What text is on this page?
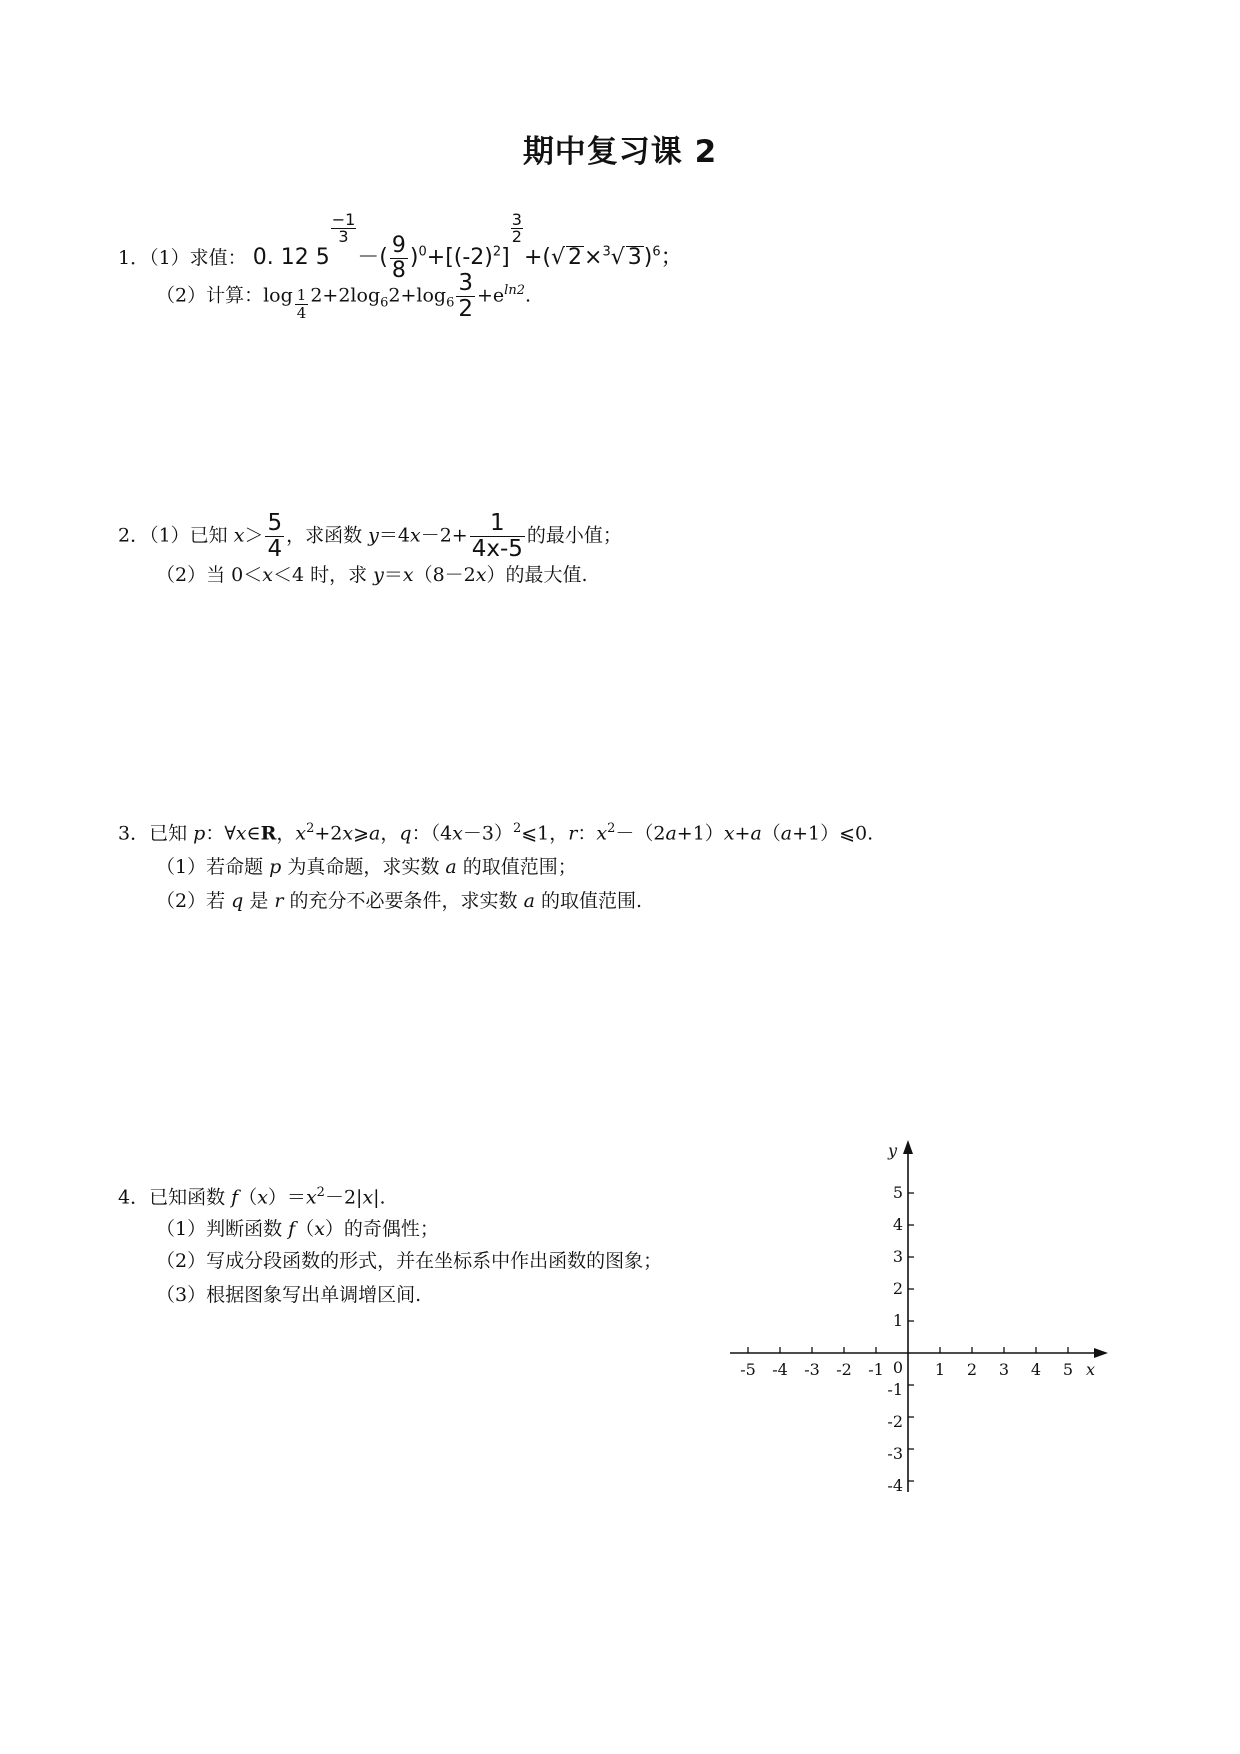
期中复习课 2
1．（1）求值： 0. 12 5
$\frac{-1}{3}$
－( $\frac{9}{8} )^0+[(-2)^2]$
$\frac{3}{2}$
+(√ 2×$^3$√ 3)$^6$；
（2）计算：$\log \frac{1}{4} 2+2\log_62+\log_6 \frac{3}{2} +e^{ln2}$.
2．（1）已知 $x> \frac{5}{4}$ ，求函数 $y=4x-2+ \frac{1}{4x-5}$ 的最小值；
（2）当 0＜x＜4 时，求 y＝x（8－2x）的最大值.
3．已知 p：∀x∈R，$x^2+2x⩾a$，q：$(4x-3)^2⩽1$，r：$x^2-(2a+1)x+a(a+1)⩽0$.
（1）若命题 p 为真命题，求实数 a 的取值范围；
（2）若 q 是 r 的充分不必要条件，求实数 a 的取值范围.
4．已知函数 $f(x)=x^2-2|x|$.
（1）判断函数 f（x）的奇偶性；
（2）写成分段函数的形式，并在坐标系中作出函数的图象；
（3）根据图象写出单调增区间.
-5 -4 -3 -2 -1	1 2 3 4 5
5
4
3
2
1
-1
-2
-3
-4
0	x
y
